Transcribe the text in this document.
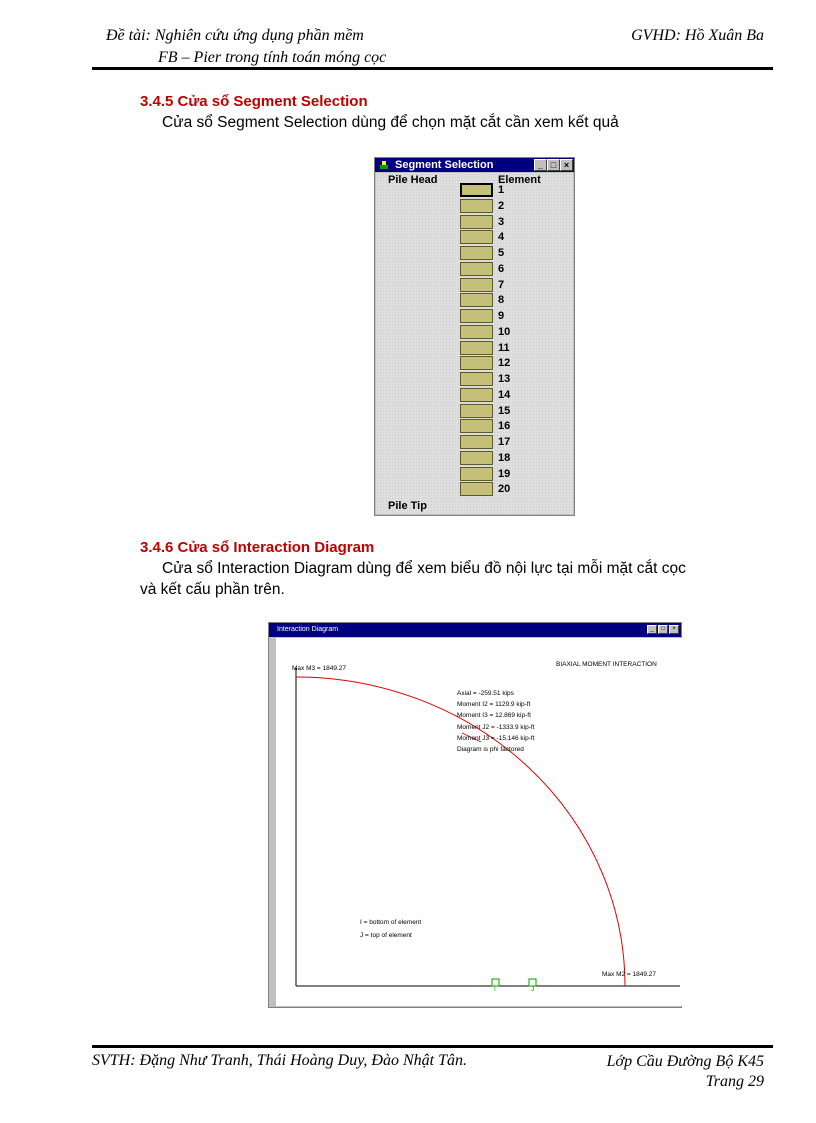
Đề tài: Nghiên cứu ứng dụng phần mềm
FB – Pier trong tính toán móng cọc
GVHD: Hồ Xuân Ba
3.4.5 Cửa sổ Segment Selection
Cửa sổ Segment Selection dùng để chọn mặt cắt cần xem kết quả
Segment Selection	_ □ ×
Pile Head	Element
1
2
3
4
5
6
7
8
9
10
11
12
13
14
15
16
17
18
19
20
Pile Tip
3.4.6 Cửa sổ Interaction Diagram
Cửa sổ Interaction Diagram dùng để xem biểu đồ nội lực tại mỗi mặt cắt cọc
và kết cấu phần trên.
Interaction Diagram	_	□	×
Max M3 = 1849.27
BIAXIAL MOMENT INTERACTION
Axial = -259.51 kips
Moment I2 = 1129.9 kip-ft
Moment I3 = 12.869 kip-ft
Moment J2 = -1333.9 kip-ft
Moment J3 = -15.146 kip-ft
Diagram is phi factored
I = bottom of element
J = top of element
Max M2 = 1849.27
I	J
SVTH: Đặng Như Tranh, Thái Hoàng Duy, Đào Nhật Tân.	Lớp Cầu Đường Bộ K45
Trang 29
